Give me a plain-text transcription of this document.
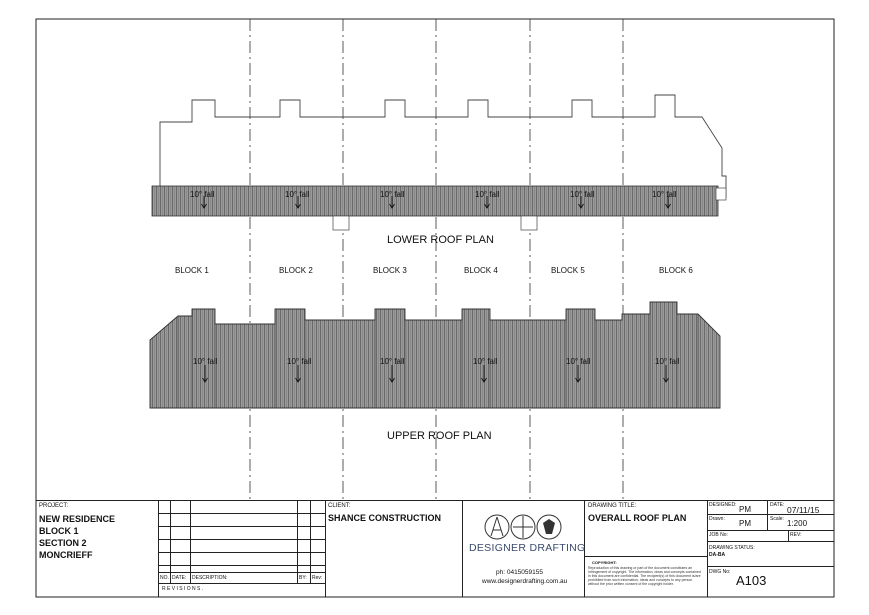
LOWER ROOF PLAN
UPPER ROOF PLAN
BLOCK 1	BLOCK 2	BLOCK 3	BLOCK 4	BLOCK 5	BLOCK 6
10° fall	10° fall	10° fall	10° fall	10° fall	10° fall
10° fall	10° fall	10° fall	10° fall	10° fall	10° fall
PROJECT:
NEW RESIDENCE
BLOCK 1
SECTION 2
MONCRIEFF
NO. DATE: DESCRIPTION:	BY: Rev:
R E V I S I O N S .
CLIENT:
SHANCE CONSTRUCTION
DESIGNER DRAFTING
ph: 0415059155
www.designerdrafting.com.au
DRAWING TITLE:
OVERALL ROOF PLAN
COPYRIGHT:
Reproduction of this drawing or part of the document constitutes an infringement of copyright. The information, ideas and concepts contained in this document are confidential. The recipient(s) of this document is/are prohibited from such information, ideas and concepts to any person without the prior written consent of the copyright holder.
DESIGNED: PM	DATE: 07/11/15
Drawn: PM	Scale: 1:200
JOB No:	REV:
DRAWING STATUS:
DA-BA
DWG No:
A103
